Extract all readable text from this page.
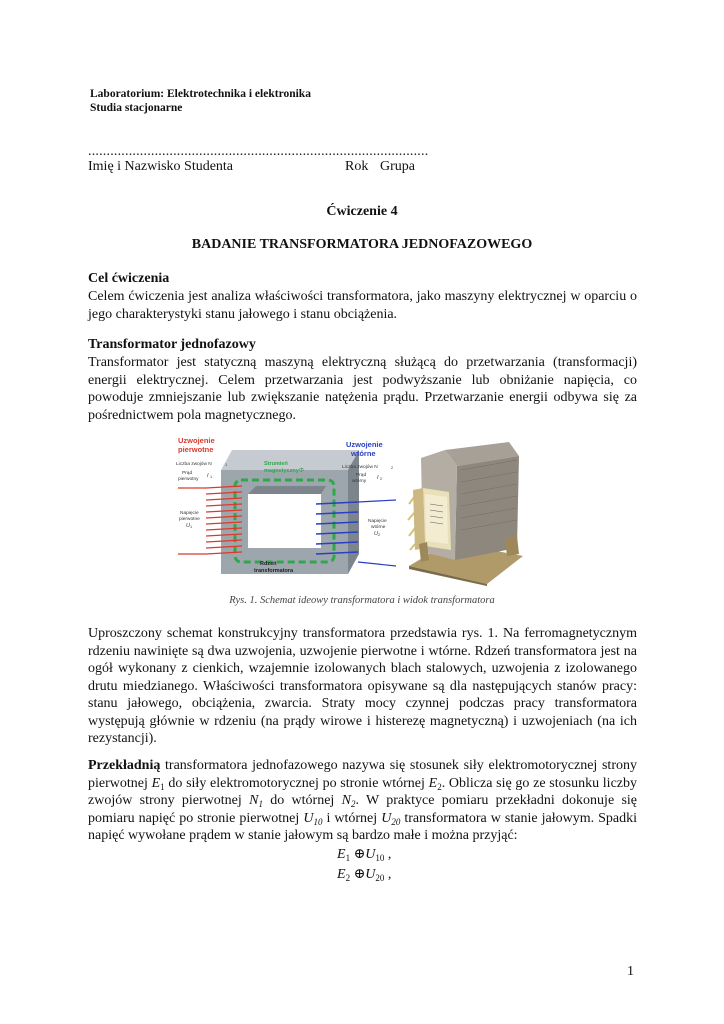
Laboratorium: Elektrotechnika i elektronika
Studia stacjonarne
............................................................................................
Imię i Nazwisko Studenta	Rok Grupa
Ćwiczenie 4
BADANIE TRANSFORMATORA JEDNOFAZOWEGO
Cel ćwiczenia
Celem ćwiczenia jest analiza właściwości transformatora, jako maszyny elektrycznej w oparciu o jego charakterystyki stanu jałowego i stanu obciążenia.
Transformator jednofazowy
Transformator jest statyczną maszyną elektryczną służącą do przetwarzania (transformacji) energii elektrycznej. Celem przetwarzania jest podwyższanie lub obniżanie napięcia, co powoduje zmniejszanie lub zwiększanie natężenia prądu. Przetwarzanie energii odbywa się za pośrednictwem pola magnetycznego.
Uzwojenie
pierwotne
Uzwojenie
wtórne
Liczba zwojów N	1	Liczba zwojów N	2
Prąd
pierwotny
I 1	Prąd
wtórny
I 2
Napięcie
pierwotne
U 1
Napięcie
wtórne
U 2
Strumień
magnetyczny Φ
Rdzeń
transformatora
Rys. 1. Schemat ideowy transformatora i widok transformatora
Uproszczony schemat konstrukcyjny transformatora przedstawia rys. 1. Na ferromagnetycznym rdzeniu nawinięte są dwa uzwojenia, uzwojenie pierwotne i wtórne. Rdzeń transformatora jest na ogół wykonany z cienkich, wzajemnie izolowanych blach stalowych, uzwojenia z izolowanego drutu miedzianego. Właściwości transformatora opisywane są dla następujących stanów pracy: stanu jałowego, obciążenia, zwarcia. Straty mocy czynnej podczas pracy transformatora występują głównie w rdzeniu (na prądy wirowe i histerezę magnetyczną) i uzwojeniach (na ich rezystancji).
Przekładnią transformatora jednofazowego nazywa się stosunek siły elektromotorycznej strony pierwotnej $E_1$ do siły elektromotorycznej po stronie wtórnej $E_2$. Oblicza się go ze stosunku liczby zwojów strony pierwotnej $N_1$ do wtórnej $N_2$. W praktyce pomiaru przekładni dokonuje się pomiaru napięć po stronie pierwotnej $U_{10}$ i wtórnej $U_{20}$ transformatora w stanie jałowym. Spadki napięć wywołane prądem w stanie jałowym są bardzo małe i można przyjąć:
$E_1$ $\oplus U_{10}$ ,
$E_2$ $\oplus U_{20}$ ,
1
